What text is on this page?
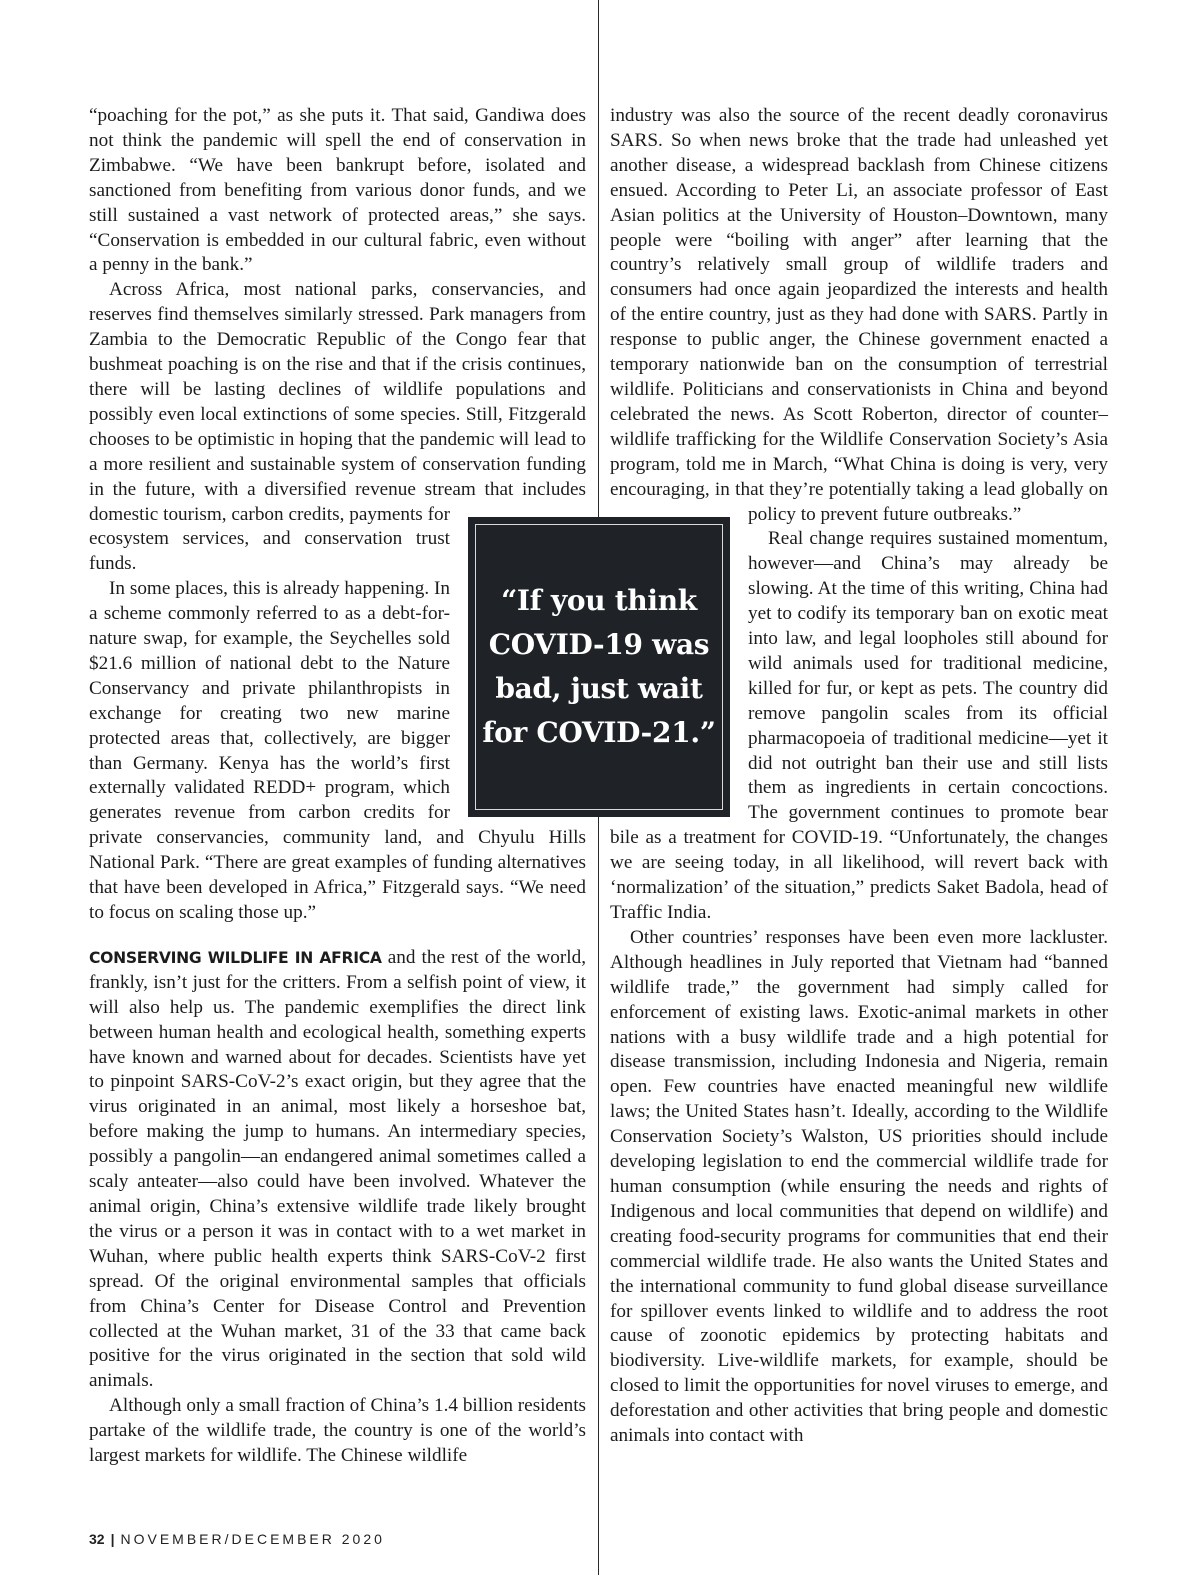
“poaching for the pot,” as she puts it. That said, Gandiwa does not think the pandemic will spell the end of conservation in Zimbabwe. “We have been bankrupt before, isolated and sanctioned from benefiting from various donor funds, and we still sustained a vast network of protected areas,” she says. “Conservation is embedded in our cultural fabric, even without a penny in the bank.”

Across Africa, most national parks, conservancies, and reserves find themselves similarly stressed. Park managers from Zambia to the Democratic Republic of the Congo fear that bushmeat poaching is on the rise and that if the crisis continues, there will be lasting declines of wildlife populations and possibly even local extinctions of some species. Still, Fitzgerald chooses to be optimistic in hoping that the pandemic will lead to a more resilient and sustainable system of conservation funding in the future, with a diversified revenue stream that includes domestic tourism, carbon credits, payments for ecosystem services, and conservation trust funds.

In some places, this is already happening. In a scheme commonly referred to as a debt-for-nature swap, for example, the Seychelles sold $21.6 million of national debt to the Nature Conservancy and private philanthropists in exchange for creating two new marine protected areas that, collectively, are bigger than Germany. Kenya has the world’s first externally validated REDD+ program, which generates revenue from carbon credits for private conservancies, community land, and Chyulu Hills National Park. “There are great examples of funding alternatives that have been developed in Africa,” Fitzgerald says. “We need to focus on scaling those up.”

CONSERVING WILDLIFE IN AFRICA and the rest of the world, frankly, isn’t just for the critters. From a selfish point of view, it will also help us. The pandemic exemplifies the direct link between human health and ecological health, something experts have known and warned about for decades. Scientists have yet to pinpoint SARS-CoV-2’s exact origin, but they agree that the virus originated in an animal, most likely a horseshoe bat, before making the jump to humans. An intermediary species, possibly a pangolin—an endangered animal sometimes called a scaly anteater—also could have been involved. Whatever the animal origin, China’s extensive wildlife trade likely brought the virus or a person it was in contact with to a wet market in Wuhan, where public health experts think SARS-CoV-2 first spread. Of the original environmental samples that officials from China’s Center for Disease Control and Prevention collected at the Wuhan market, 31 of the 33 that came back positive for the virus originated in the section that sold wild animals.

Although only a small fraction of China’s 1.4 billion residents partake of the wildlife trade, the country is one of the world’s largest markets for wildlife. The Chinese wildlife

industry was also the source of the recent deadly coronavirus SARS. So when news broke that the trade had unleashed yet another disease, a widespread backlash from Chinese citizens ensued. According to Peter Li, an associate professor of East Asian politics at the University of Houston–Downtown, many people were “boiling with anger” after learning that the country’s relatively small group of wildlife traders and consumers had once again jeopardized the interests and health of the entire country, just as they had done with SARS. Partly in response to public anger, the Chinese government enacted a temporary nationwide ban on the consumption of terrestrial wildlife. Politicians and conservationists in China and beyond celebrated the news. As Scott Roberton, director of counter–wildlife trafficking for the Wildlife Conservation Society’s Asia program, told me in March, “What China is doing is very, very encouraging, in that they’re potentially taking a lead globally on policy to prevent future outbreaks.”

Real change requires sustained momentum, however—and China’s may already be slowing. At the time of this writing, China had yet to codify its temporary ban on exotic meat into law, and legal loopholes still abound for wild animals used for traditional medicine, killed for fur, or kept as pets. The country did remove pangolin scales from its official pharmacopoeia of traditional medicine—yet it did not outright ban their use and still lists them as ingredients in certain concoctions. The government continues to promote bear bile as a treatment for COVID-19. “Unfortunately, the changes we are seeing today, in all likelihood, will revert back with ‘normalization’ of the situation,” predicts Saket Badola, head of Traffic India.

Other countries’ responses have been even more lackluster. Although headlines in July reported that Vietnam had “banned wildlife trade,” the government had simply called for enforcement of existing laws. Exotic-animal markets in other nations with a busy wildlife trade and a high potential for disease transmission, including Indonesia and Nigeria, remain open. Few countries have enacted meaningful new wildlife laws; the United States hasn’t. Ideally, according to the Wildlife Conservation Society’s Walston, US priorities should include developing legislation to end the commercial wildlife trade for human consumption (while ensuring the needs and rights of Indigenous and local communities that depend on wildlife) and creating food-security programs for communities that end their commercial wildlife trade. He also wants the United States and the international community to fund global disease surveillance for spillover events linked to wildlife and to address the root cause of zoonotic epidemics by protecting habitats and biodiversity. Live-wildlife markets, for example, should be closed to limit the opportunities for novel viruses to emerge, and deforestation and other activities that bring people and domestic animals into contact with

“If you think COVID-19 was bad, just wait for COVID-21.”
32 | NOVEMBER/DECEMBER 2020
